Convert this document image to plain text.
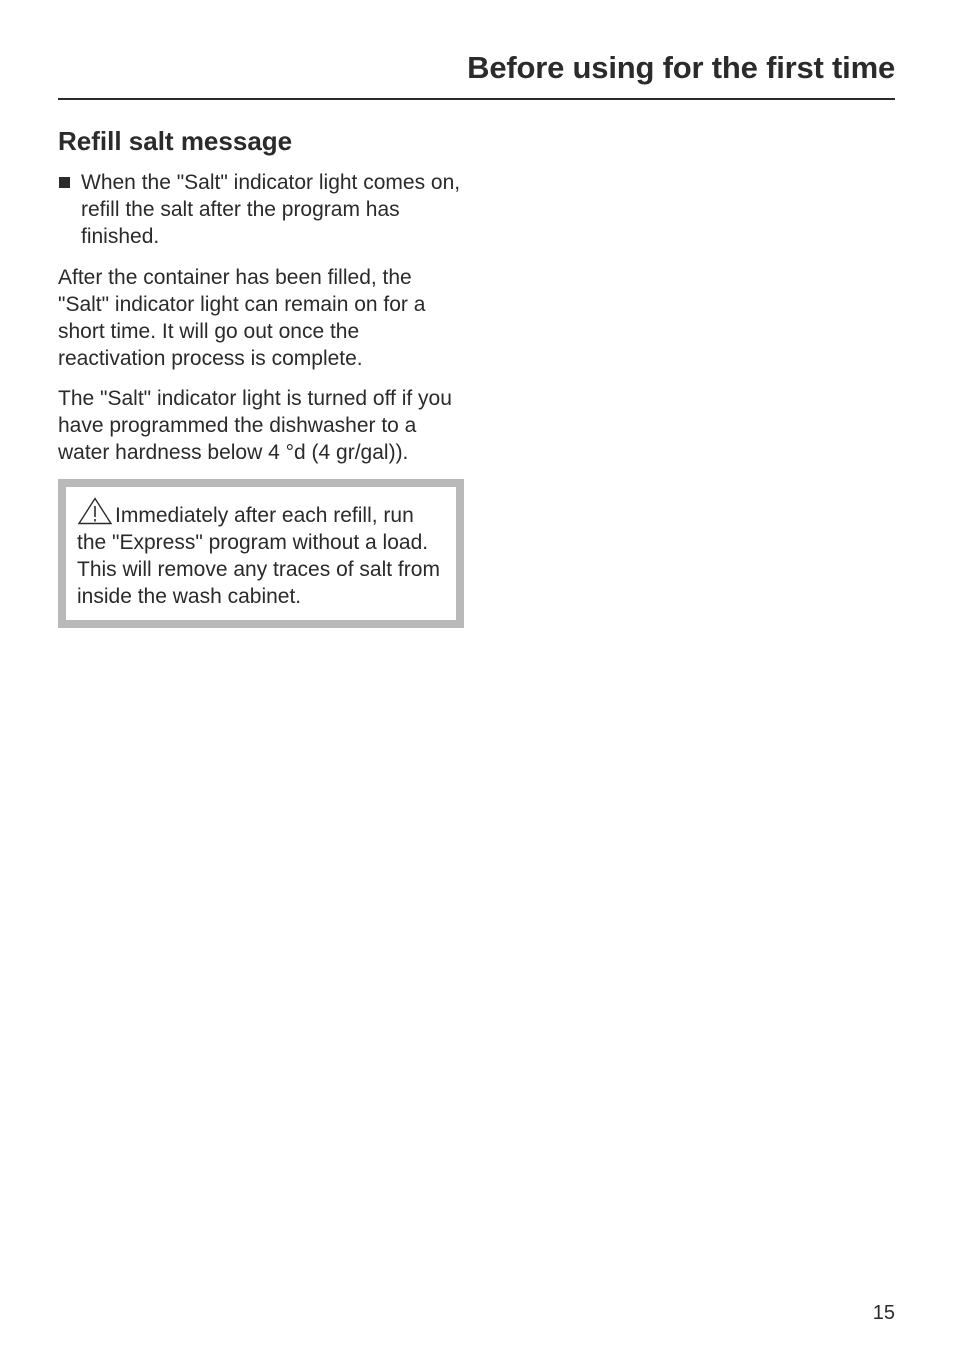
Before using for the first time
Refill salt message
When the "Salt" indicator light comes on, refill the salt after the program has finished.

After the container has been filled, the "Salt" indicator light can remain on for a short time. It will go out once the reactivation process is complete.

The "Salt" indicator light is turned off if you have programmed the dishwasher to a water hardness below 4 °d (4 gr/gal)).

Immediately after each refill, run the "Express" program without a load. This will remove any traces of salt from inside the wash cabinet.
15
